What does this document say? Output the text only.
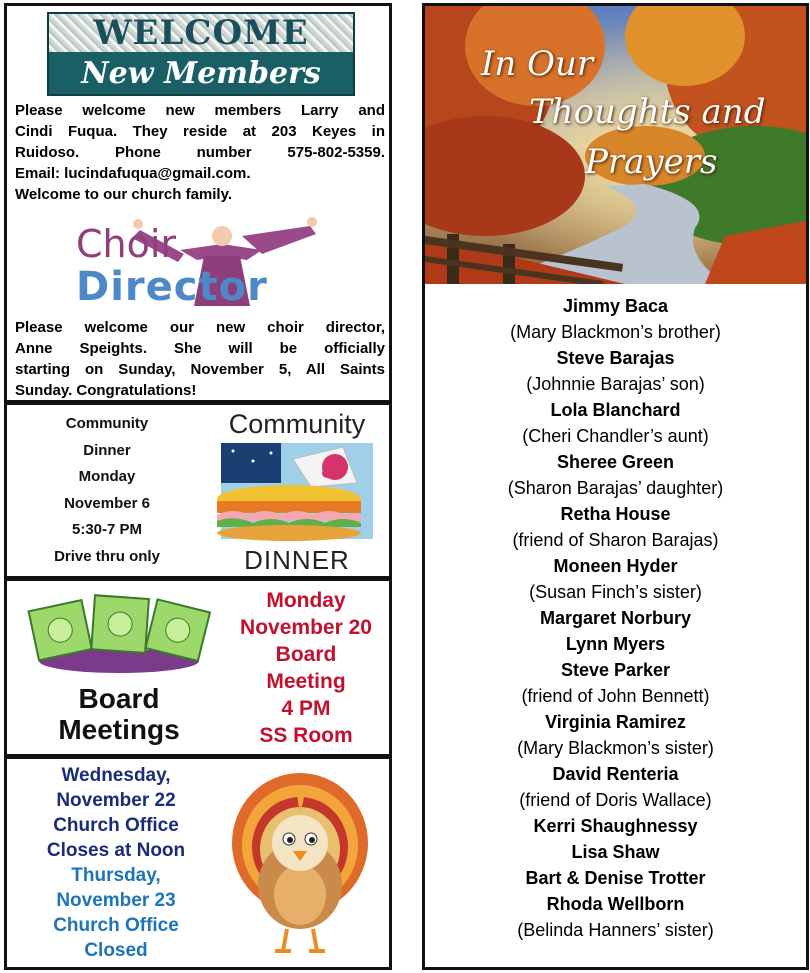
WELCOME
New Members
Please welcome new members Larry and
Cindi Fuqua. They reside at 203 Keyes in
Ruidoso. Phone number 575-802-5359.
Email: lucindafuqua@gmail.com.
Welcome to our church family.
Choir
Director
Please welcome our new choir director,
Anne Speights. She will be officially
starting on Sunday, November 5, All Saints
Sunday. Congratulations!
Community
Dinner
Monday
November 6
5:30-7 PM
Drive thru only
Community
DINNER
Board
Meetings
Monday
November 20
Board
Meeting
4 PM
SS Room
Wednesday,
November 22
Church Office
Closes at Noon
Thursday,
November 23
Church Office
Closed
In Our
Thoughts and
Prayers
Jimmy Baca
(Mary Blackmon’s brother)
Steve Barajas
(Johnnie Barajas’ son)
Lola Blanchard
(Cheri Chandler’s aunt)
Sheree Green
(Sharon Barajas’ daughter)
Retha House
(friend of Sharon Barajas)
Moneen Hyder
(Susan Finch’s sister)
Margaret Norbury
Lynn Myers
Steve Parker
(friend of John Bennett)
Virginia Ramirez
(Mary Blackmon’s sister)
David Renteria
(friend of Doris Wallace)
Kerri Shaughnessy
Lisa Shaw
Bart & Denise Trotter
Rhoda Wellborn
(Belinda Hanners’ sister)
